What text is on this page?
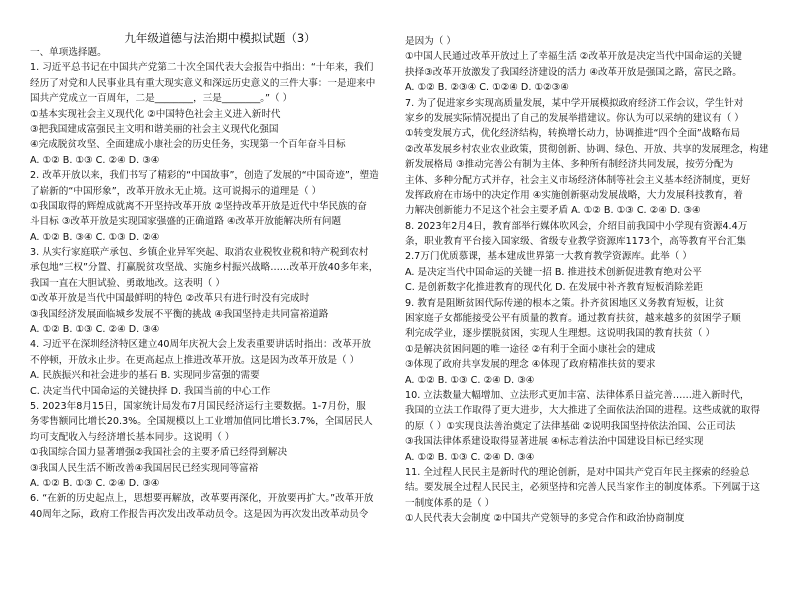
九年级道德与法治期中模拟试题（3）
一、单项选择题。
1. 习近平总书记在中国共产党第二十次全国代表大会报告中指出：“十年来，我们
经历了对党和人民事业具有重大现实意义和深远历史意义的三件大事：一是迎来中
国共产党成立一百周年，二是________，三是________。”（ ）
①基本实现社会主义现代化 ②中国特色社会主义进入新时代
③把我国建成富强民主文明和谐美丽的社会主义现代化强国
④完成脱贫攻坚、全面建成小康社会的历史任务，实现第一个百年奋斗目标
A. ①② B. ①③ C. ②④ D. ③④
2. 改革开放以来，我们书写了精彩的“中国故事”，创造了发展的“中国奇迹”，塑造
了崭新的“中国形象”，改革开放永无止境。这可说揭示的道理是（ ）
①我国取得的辉煌成就离不开坚持改革开放 ②坚持改革开放是近代中华民族的奋
斗目标 ③改革开放是实现国家强盛的正确道路 ④改革开放能解决所有问题
A. ①② B. ③④ C. ①③ D. ②④
3. 从实行家庭联产承包、乡镇企业异军突起、取消农业税牧业税和特产税到农村
承包地“三权”分置、打赢脱贫攻坚战、实施乡村振兴战略……改革开放40多年来，
我国一直在大胆试验、勇敢地改。这表明（ ）
①改革开放是当代中国最鲜明的特色 ②改革只有进行时没有完成时
③我国经济发展面临城乡发展不平衡的挑战 ④我国坚持走共同富裕道路
A. ①② B. ①③ C. ②④ D. ③④
4. 习近平在深圳经济特区建立40周年庆祝大会上发表重要讲话时指出：改革开放
不停顿，开放永止步。在更高起点上推进改革开放。这是因为改革开放是（ ）
A. 民族振兴和社会进步的基石 B. 实现同步富强的需要
C. 决定当代中国命运的关键抉择 D. 我国当前的中心工作
5. 2023年8月15日，国家统计局发布7月国民经济运行主要数据。1-7月份，服
务零售额同比增长20.3%。全国规模以上工业增加值同比增长3.7%，全国居民人
均可支配收入与经济增长基本同步。这说明（ ）
①我国综合国力显著增强②我国社会的主要矛盾已经得到解决
③我国人民生活不断改善④我国居民已经实现同等富裕
A. ①② B. ①③ C. ②④ D. ③④
6. “在新的历史起点上，思想要再解放，改革要再深化，开放要再扩大。”改革开放
40周年之际，政府工作报告再次发出改革动员令。这是因为再次发出改革动员令
是因为（ ）
①中国人民通过改革开放过上了幸福生活 ②改革开放是决定当代中国命运的关键
抉择③改革开放激发了我国经济建设的活力 ④改革开放是强国之路，富民之路。
A. ①② B. ②③④ C. ①②④ D. ①②③④
7. 为了促进家乡实现高质量发展，某中学开展模拟政府经济工作会议，学生针对
家乡的发展实际情况提出了自己的发展举措建议。你认为可以采纳的建议有（ ）
①转变发展方式，优化经济结构，转换增长动力，协调推进“四个全面”战略布局
②改革发展乡村农业农业政策，贯彻创新、协调、绿色、开放、共享的发展理念，构建
新发展格局 ③推动完善公有制为主体、多种所有制经济共同发展，按劳分配为
主体、多种分配方式并存，社会主义市场经济体制等社会主义基本经济制度，更好
发挥政府在市场中的决定作用 ④实施创新驱动发展战略，大力发展科技教育，着
力解决创新能力不足这个社会主要矛盾 A. ①② B. ①③ C. ②④ D. ③④
8. 2023年2月4日，教育部举行媒体吹风会，介绍目前我国中小学现有资源4.4万
条，职业教育平台接入国家级、省级专业教学资源库1173个，高等教育平台汇集
2.7万门优质慕课，基本建成世界第一大教育教学资源库。此举（ ）
A. 是决定当代中国命运的关键一招 B. 推进技术创新促进教育绝对公平
C. 是创新数字化推进教育的现代化 D. 在发展中补齐教育短板消除差距
9. 教育是阻断贫困代际传递的根本之策。扑齐贫困地区义务教育短板，让贫
困家庭子女都能接受公平有质量的教育。通过教育扶贫，越来越多的贫困学子顺
利完成学业，逐步摆脱贫困，实现人生理想。这说明我国的教育扶贫（ ）
①是解决贫困问题的唯一途径 ②有利于全面小康社会的建成
③体现了政府共享发展的理念 ④体现了政府精准扶贫的要求
A. ①② B. ①③ C. ②④ D. ③④
10. 立法数量大幅增加、立法形式更加丰富、法律体系日益完善……进入新时代，
我国的立法工作取得了更大进步，大大推进了全面依法治国的进程。这些成就的取得
的原（ ）①实现良法善治奠定了法律基础 ②说明我国坚持依法治国、公正司法
③我国法律体系建设取得显著进展 ④标志着法治中国建设目标已经实现
A. ①② B. ①③ C. ②④ D. ③④
11. 全过程人民民主是新时代的理论创新，是对中国共产党百年民主探索的经验总
结。要发展全过程人民民主，必须坚持和完善人民当家作主的制度体系。下列属于这
一制度体系的是（ ）
①人民代表大会制度 ②中国共产党领导的多党合作和政治协商制度
